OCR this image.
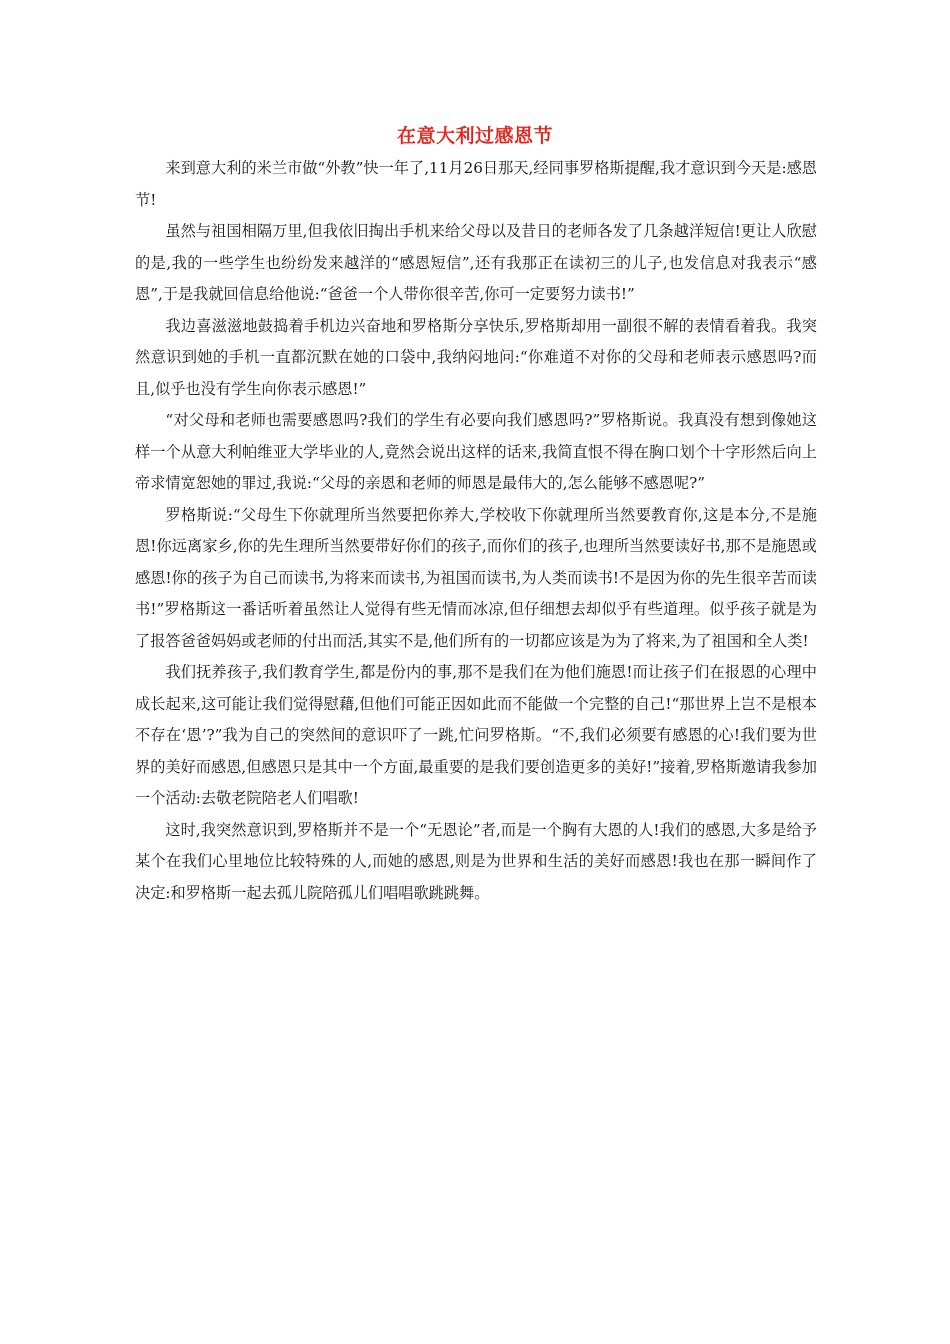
在意大利过感恩节

来到意大利的米兰市做“外教”快一年了,11月26日那天,经同事罗格斯提醒,我才意识到今天是:感恩节!

虽然与祖国相隔万里,但我依旧掏出手机来给父母以及昔日的老师各发了几条越洋短信!更让人欣慰的是,我的一些学生也纷纷发来越洋的“感恩短信”,还有我那正在读初三的儿子,也发信息对我表示“感恩”,于是我就回信息给他说:“爸爸一个人带你很辛苦,你可一定要努力读书!”

我边喜滋滋地鼓捣着手机边兴奋地和罗格斯分享快乐,罗格斯却用一副很不解的表情看着我。我突然意识到她的手机一直都沉默在她的口袋中,我纳闷地问:“你难道不对你的父母和老师表示感恩吗?而且,似乎也没有学生向你表示感恩!”

“对父母和老师也需要感恩吗?我们的学生有必要向我们感恩吗?”罗格斯说。我真没有想到像她这样一个从意大利帕维亚大学毕业的人,竟然会说出这样的话来,我简直恨不得在胸口划个十字形然后向上帝求情宽恕她的罪过,我说:“父母的亲恩和老师的师恩是最伟大的,怎么能够不感恩呢?”

罗格斯说:“父母生下你就理所当然要把你养大,学校收下你就理所当然要教育你,这是本分,不是施恩!你远离家乡,你的先生理所当然要带好你们的孩子,而你们的孩子,也理所当然要读好书,那不是施恩或感恩!你的孩子为自己而读书,为将来而读书,为祖国而读书,为人类而读书!不是因为你的先生很辛苦而读书!”罗格斯这一番话听着虽然让人觉得有些无情而冰凉,但仔细想去却似乎有些道理。似乎孩子就是为了报答爸爸妈妈或老师的付出而活,其实不是,他们所有的一切都应该是为为了将来,为了祖国和全人类!

我们抚养孩子,我们教育学生,都是份内的事,那不是我们在为他们施恩!而让孩子们在报恩的心理中成长起来,这可能让我们觉得慰藉,但他们可能正因如此而不能做一个完整的自己!“那世界上岂不是根本不存在‘恩’?”我为自己的突然间的意识吓了一跳,忙问罗格斯。“不,我们必须要有感恩的心!我们要为世界的美好而感恩,但感恩只是其中一个方面,最重要的是我们要创造更多的美好!”接着,罗格斯邀请我参加一个活动:去敬老院陪老人们唱歌!

这时,我突然意识到,罗格斯并不是一个“无恩论”者,而是一个胸有大恩的人!我们的感恩,大多是给予某个在我们心里地位比较特殊的人,而她的感恩,则是为世界和生活的美好而感恩!我也在那一瞬间作了决定:和罗格斯一起去孤儿院陪孤儿们唱唱歌跳跳舞。
